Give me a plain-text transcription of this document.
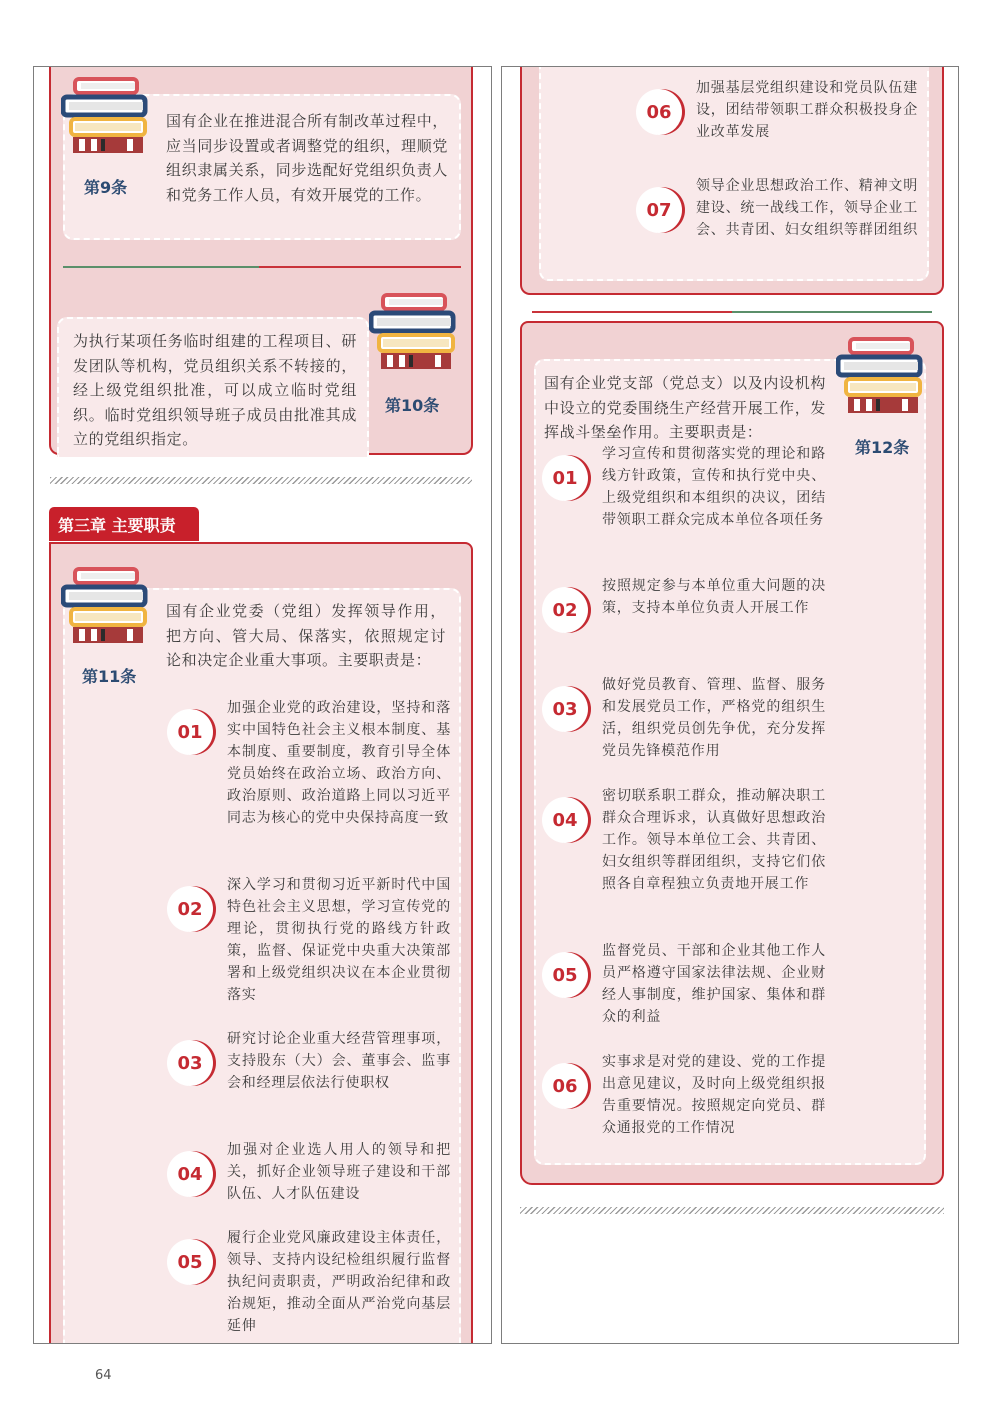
第9条
国有企业在推进混合所有制改革过程中，应当同步设置或者调整党的组织，理顺党组织隶属关系，同步选配好党组织负责人和党务工作人员，有效开展党的工作。
第10条
为执行某项任务临时组建的工程项目、研发团队等机构，党员组织关系不转接的，经上级党组织批准，可以成立临时党组织。临时党组织领导班子成员由批准其成立的党组织指定。
第11条
国有企业党委（党组）发挥领导作用，把方向、管大局、保落实，依照规定讨论和决定企业重大事项。主要职责是：
01
加强企业党的政治建设，坚持和落实中国特色社会主义根本制度、基本制度、重要制度，教育引导全体党员始终在政治立场、政治方向、政治原则、政治道路上同以习近平同志为核心的党中央保持高度一致
02
深入学习和贯彻习近平新时代中国特色社会主义思想，学习宣传党的理论，贯彻执行党的路线方针政策，监督、保证党中央重大决策部署和上级党组织决议在本企业贯彻落实
03
研究讨论企业重大经营管理事项，支持股东（大）会、董事会、监事会和经理层依法行使职权
04
加强对企业选人用人的领导和把关，抓好企业领导班子建设和干部队伍、人才队伍建设
05
履行企业党风廉政建设主体责任，领导、支持内设纪检组织履行监督执纪问责职责，严明政治纪律和政治规矩，推动全面从严治党向基层延伸
第三章 主要职责
06
加强基层党组织建设和党员队伍建设，团结带领职工群众积极投身企业改革发展
07
领导企业思想政治工作、精神文明建设、统一战线工作，领导企业工会、共青团、妇女组织等群团组织
第12条
国有企业党支部（党总支）以及内设机构中设立的党委围绕生产经营开展工作，发挥战斗堡垒作用。主要职责是：
01
学习宣传和贯彻落实党的理论和路线方针政策，宣传和执行党中央、上级党组织和本组织的决议，团结带领职工群众完成本单位各项任务
02
按照规定参与本单位重大问题的决策，支持本单位负责人开展工作
03
做好党员教育、管理、监督、服务和发展党员工作，严格党的组织生活，组织党员创先争优，充分发挥党员先锋模范作用
04
密切联系职工群众，推动解决职工群众合理诉求，认真做好思想政治工作。领导本单位工会、共青团、妇女组织等群团组织，支持它们依照各自章程独立负责地开展工作
05
监督党员、干部和企业其他工作人员严格遵守国家法律法规、企业财经人事制度，维护国家、集体和群众的利益
06
实事求是对党的建设、党的工作提出意见建议，及时向上级党组织报告重要情况。按照规定向党员、群众通报党的工作情况
64
